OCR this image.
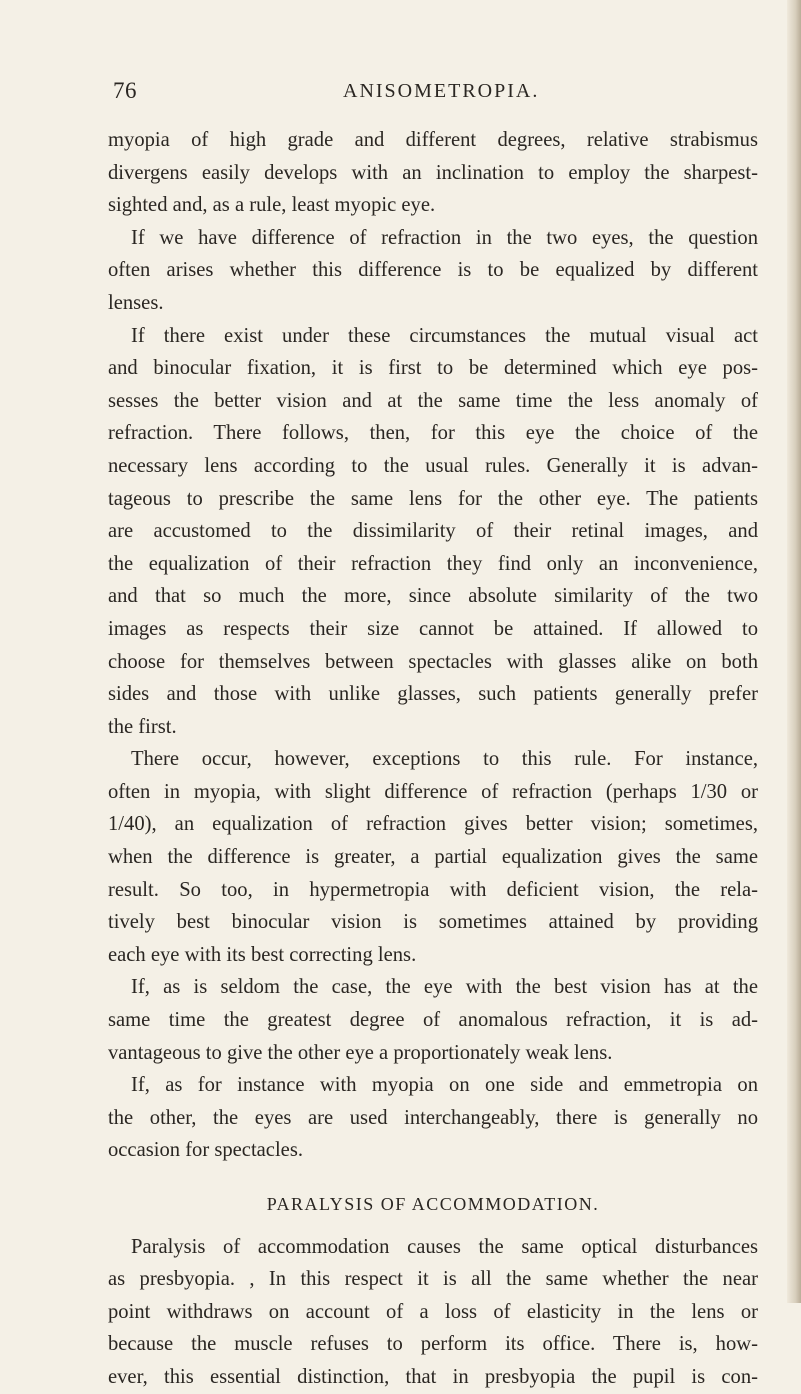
76	ANISOMETROPIA.
myopia of high grade and different degrees, relative strabismus
divergens easily develops with an inclination to employ the sharpest-
sighted and, as a rule, least myopic eye.
If we have difference of refraction in the two eyes, the question
often arises whether this difference is to be equalized by different
lenses.
If there exist under these circumstances the mutual visual act
and binocular fixation, it is first to be determined which eye pos-
sesses the better vision and at the same time the less anomaly of
refraction. There follows, then, for this eye the choice of the
necessary lens according to the usual rules. Generally it is advan-
tageous to prescribe the same lens for the other eye. The patients
are accustomed to the dissimilarity of their retinal images, and
the equalization of their refraction they find only an inconvenience,
and that so much the more, since absolute similarity of the two
images as respects their size cannot be attained. If allowed to
choose for themselves between spectacles with glasses alike on both
sides and those with unlike glasses, such patients generally prefer
the first.
There occur, however, exceptions to this rule. For instance,
often in myopia, with slight difference of refraction (perhaps 1/30 or
1/40), an equalization of refraction gives better vision; sometimes,
when the difference is greater, a partial equalization gives the same
result. So too, in hypermetropia with deficient vision, the rela-
tively best binocular vision is sometimes attained by providing
each eye with its best correcting lens.
If, as is seldom the case, the eye with the best vision has at the
same time the greatest degree of anomalous refraction, it is ad-
vantageous to give the other eye a proportionately weak lens.
If, as for instance with myopia on one side and emmetropia on
the other, the eyes are used interchangeably, there is generally no
occasion for spectacles.
PARALYSIS OF ACCOMMODATION.
Paralysis of accommodation causes the same optical disturbances
as presbyopia. , In this respect it is all the same whether the near
point withdraws on account of a loss of elasticity in the lens or
because the muscle refuses to perform its office. There is, how-
ever, this essential distinction, that in presbyopia the pupil is con-
